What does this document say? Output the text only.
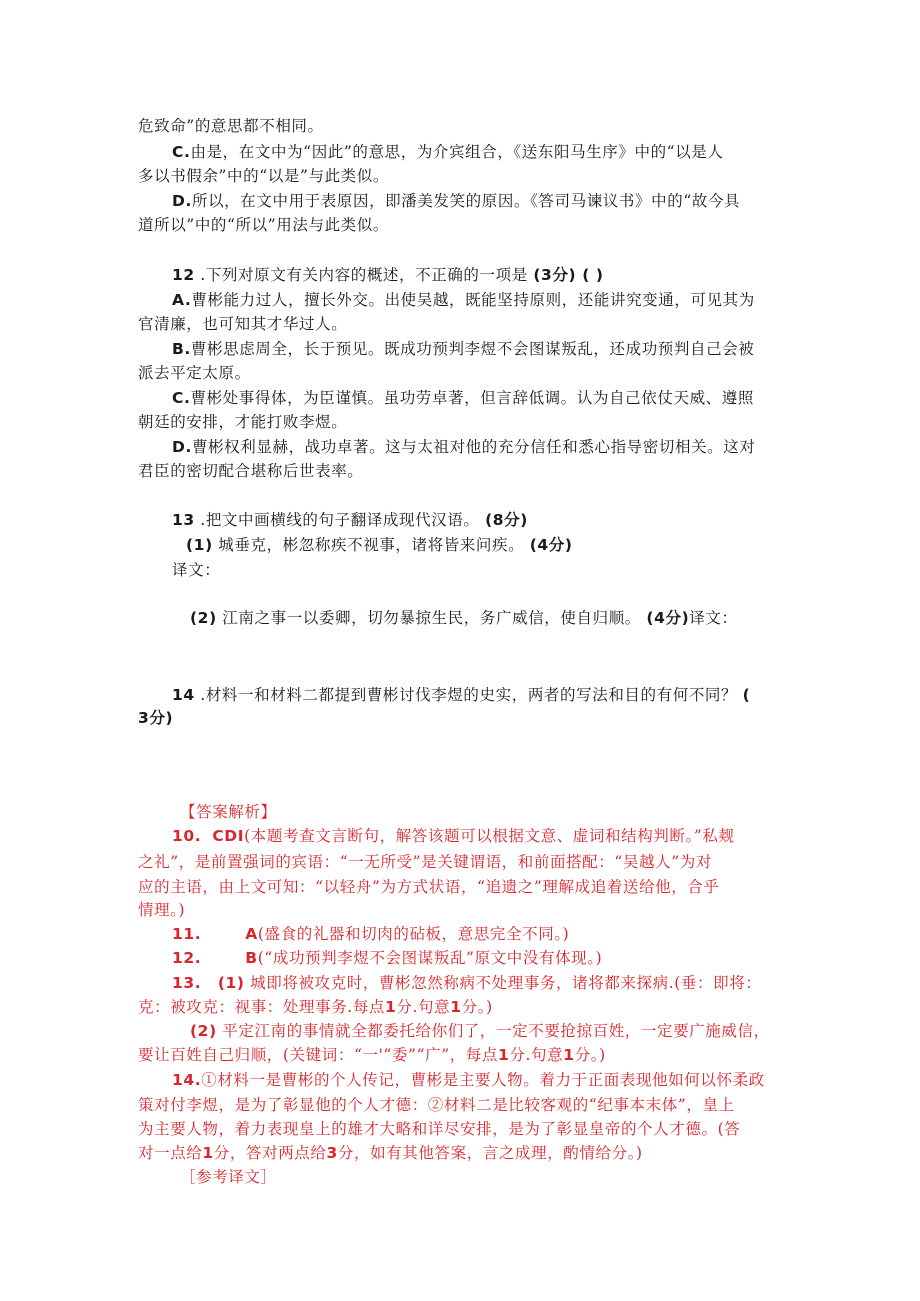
危致命”的意思都不相同。
C.由是，在文中为“因此”的意思，为介宾组合，《送东阳马生序》中的“以是人
多以书假余”中的“以是”与此类似。
D.所以，在文中用于表原因，即潘美发笑的原因。《答司马谏议书》中的“故今具
道所以”中的“所以”用法与此类似。
12 .下列对原文有关内容的概述，不正确的一项是 (3分) ( )
A.曹彬能力过人，擅长外交。出使吴越，既能坚持原则，还能讲究变通，可见其为
官清廉，也可知其才华过人。
B.曹彬思虑周全，长于预见。既成功预判李煜不会图谋叛乱，还成功预判自己会被
派去平定太原。
C.曹彬处事得体，为臣谨慎。虽功劳卓著，但言辞低调。认为自己依仗天威、遵照
朝廷的安排，才能打败李煜。
D.曹彬权利显赫，战功卓著。这与太祖对他的充分信任和悉心指导密切相关。这对
君臣的密切配合堪称后世表率。
13 .把文中画横线的句子翻译成现代汉语。 (8分)
(1) 城垂克，彬忽称疾不视事，诸将皆来问疾。 (4分)
译文：
(2) 江南之事一以委卿，切勿暴掠生民，务广威信，使自归顺。 (4分)译文：
14 .材料一和材料二都提到曹彬讨伐李煜的史实，两者的写法和目的有何不同？ (
3分)
【答案解析】
10. CDI(本题考查文言断句，解答该题可以根据文意、虚词和结构判断。”私觌
之礼”，是前置强词的宾语：“一无所受”是关键谓语，和前面搭配：“吴越人”为对
应的主语，由上文可知：“以轻舟”为方式状语，“追遗之”理解成追着送给他，合乎
情理。)
11.	A(盛食的礼器和切肉的砧板，意思完全不同。)
12.	B(“成功预判李煜不会图谋叛乱”原文中没有体现。)
13. (1) 城即将被攻克时，曹彬忽然称病不处理事务，诸将都来探病.(垂：即将：
克：被攻克：视事：处理事务.每点1分.句意1分。)
(2) 平定江南的事情就全都委托给你们了，一定不要抢掠百姓，一定要广施威信，
要让百姓自己归顺，(关键词：“一'“委”“广”，每点1分.句意1分。)
14.①材料一是曹彬的个人传记，曹彬是主要人物。着力于正面表现他如何以怀柔政
策对付李煜，是为了彰显他的个人才德：②材料二是比较客观的“纪事本末体”，皇上
为主要人物，着力表现皇上的雄才大略和详尽安排，是为了彰显皇帝的个人才德。(答
对一点给1分，答对两点给3分，如有其他答案，言之成理，酌情给分。)
［参考译文］
